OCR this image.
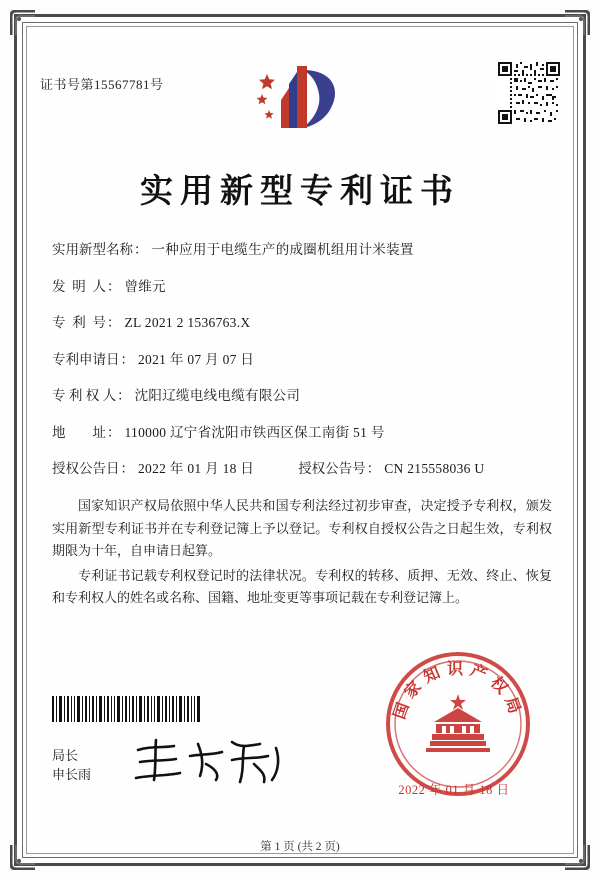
证书号第15567781号
实用新型专利证书
实用新型名称 ： 一种应用于电缆生产的成圈机组用计米装置
发  明  人 ： 曾维元
专  利  号 ： ZL 2021 2 1536763.X
专利申请日 ： 2021 年 07 月 07 日
专 利 权 人 ： 沈阳辽缆电线电缆有限公司
地        址 ： 110000 辽宁省沈阳市铁西区保工南街 51 号
授权公告日 ： 2022 年 01 月 18 日	授权公告号 ： CN 215558036 U

国家知识产权局依照中华人民共和国专利法经过初步审查，决定授予专利权，颁发实用新型专利证书并在专利登记簿上予以登记。专利权自授权公告之日起生效，专利权期限为十年，自申请日起算。

专利证书记载专利权登记时的法律状况。专利权的转移、质押、无效、终止、恢复和专利权人的姓名或名称、国籍、地址变更等事项记载在专利登记簿上。

局长
申长雨
国家知识产权局
2022 年 01 月 18 日
第 1 页 (共 2 页)
